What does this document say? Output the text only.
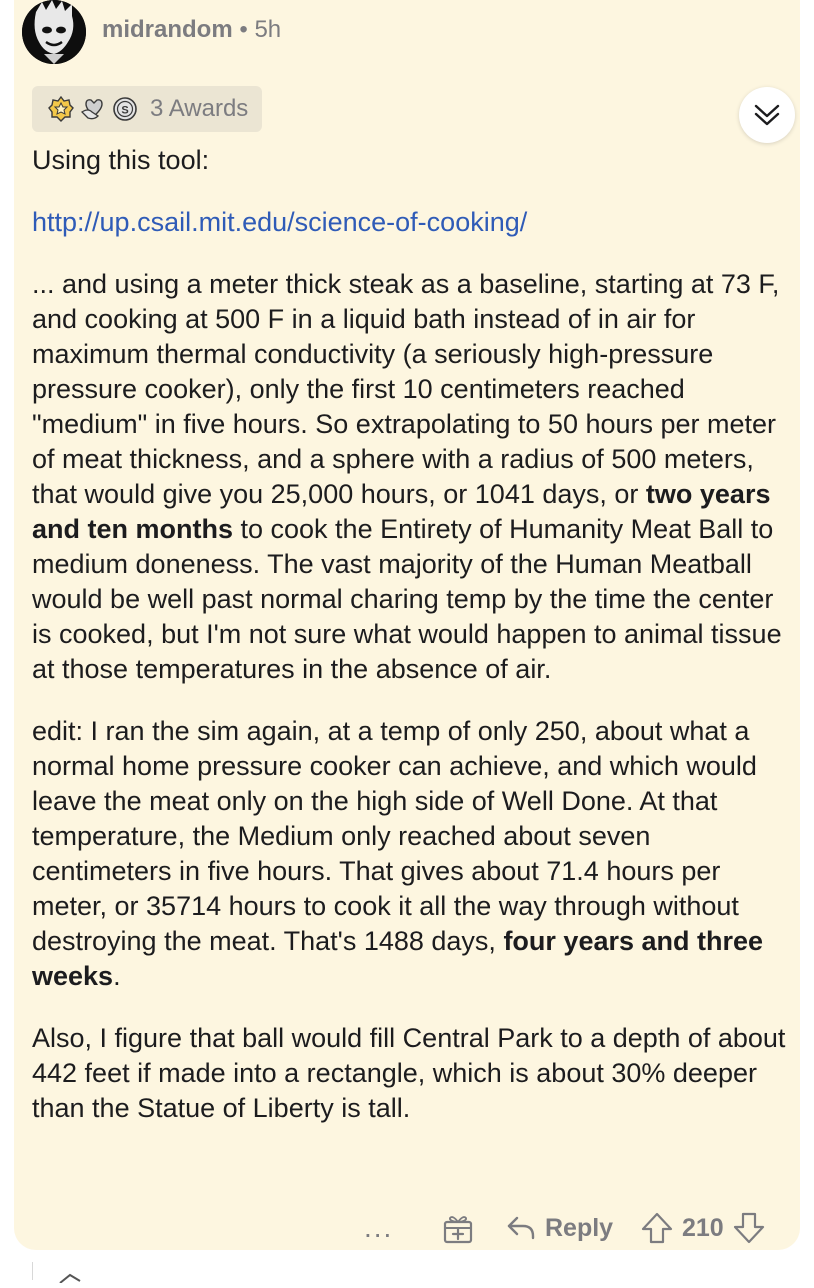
midrandom • 5h
S 3 Awards

Using this tool:

http://up.csail.mit.edu/science-of-cooking/

... and using a meter thick steak as a baseline, starting at 73 F, and cooking at 500 F in a liquid bath instead of in air for maximum thermal conductivity (a seriously high-pressure pressure cooker), only the first 10 centimeters reached "medium" in five hours. So extrapolating to 50 hours per meter of meat thickness, and a sphere with a radius of 500 meters, that would give you 25,000 hours, or 1041 days, or two years and ten months to cook the Entirety of Humanity Meat Ball to medium doneness. The vast majority of the Human Meatball would be well past normal charing temp by the time the center is cooked, but I'm not sure what would happen to animal tissue at those temperatures in the absence of air.

edit: I ran the sim again, at a temp of only 250, about what a normal home pressure cooker can achieve, and which would leave the meat only on the high side of Well Done. At that temperature, the Medium only reached about seven centimeters in five hours. That gives about 71.4 hours per meter, or 35714 hours to cook it all the way through without destroying the meat. That's 1488 days, four years and three weeks.

Also, I figure that ball would fill Central Park to a depth of about 442 feet if made into a rectangle, which is about 30% deeper than the Statue of Liberty is tall.

...	Reply	210
